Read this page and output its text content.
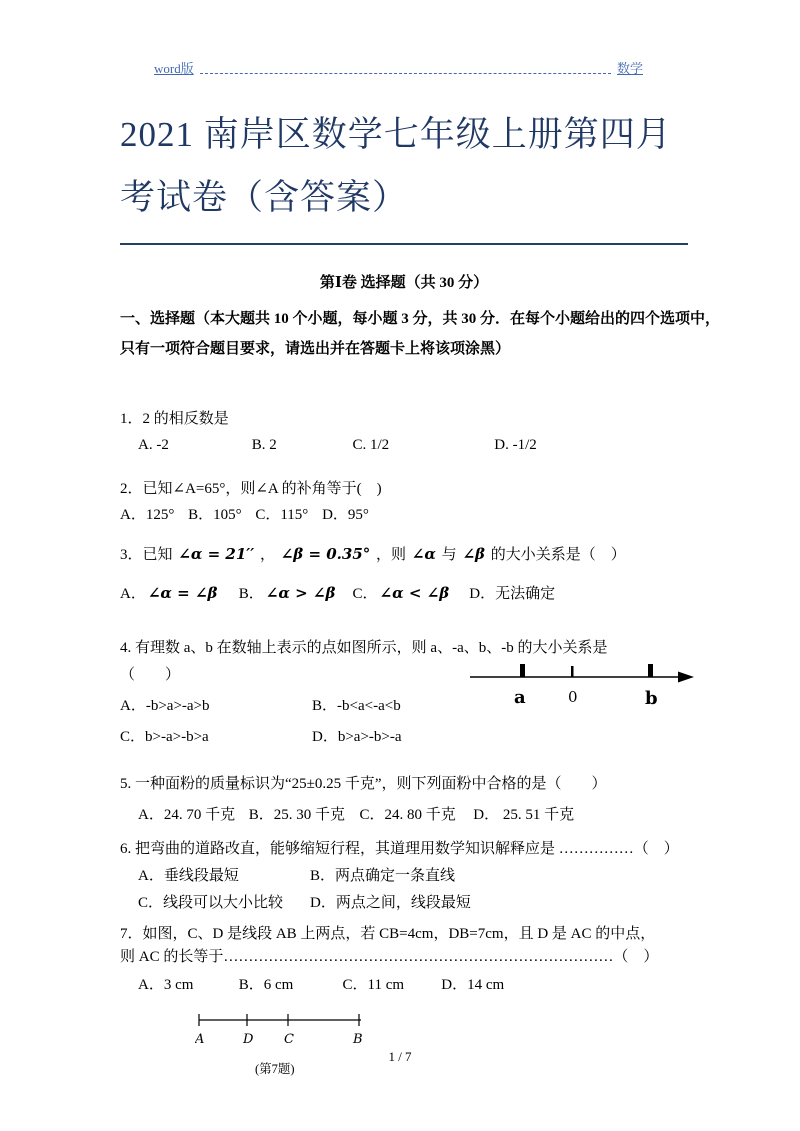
word版	数学
2021 南岸区数学七年级上册第四月
考试卷（含答案）
第Ⅰ卷 选择题（共 30 分）
一、选择题（本大题共 10 个小题，每小题 3 分，共 30 分．在每个小题给出的四个选项中，
只有一项符合题目要求，请选出并在答题卡上将该项涂黑）

1．2 的相反数是

A. -2	B. 2	C. 1/2	D. -1/2

2．已知∠A=65°，则∠A 的补角等于(　)

A．125° B．105° C．115° D．95°

3．已知 ∠α = 21′′ ， ∠β = 0.35° ，则 ∠α 与 ∠β 的大小关系是（　）

A． ∠α = ∠β B． ∠α > ∠β C． ∠α < ∠β D．无法确定

4. 有理数 a、b 在数轴上表示的点如图所示，则 a、-a、b、-b 的大小关系是

（　　）

A．-b>a>-a>b	B．-b<a<-a<b
C．b>-a>-b>a	D．b>a>-b>-a
a	0	b

5. 一种面粉的质量标识为“25±0.25 千克”，则下列面粉中合格的是（　　）

A．24. 70 千克 B．25. 30 千克 C．24. 80 千克 D． 25. 51 千克

6. 把弯曲的道路改直，能够缩短行程，其道理用数学知识解释应是 ……………（　）

A．垂线段最短	B．两点确定一条直线
C．线段可以大小比较	D．两点之间，线段最短

7．如图，C、D 是线段 AB 上两点，若 CB=4cm，DB=7cm，且 D 是 AC 的中点，

则 AC 的长等于……………………………………………………………………（　）

A．3 cm	B．6 cm	C．11 cm D．14 cm
A	D C	B
(第7题)
1 / 7
